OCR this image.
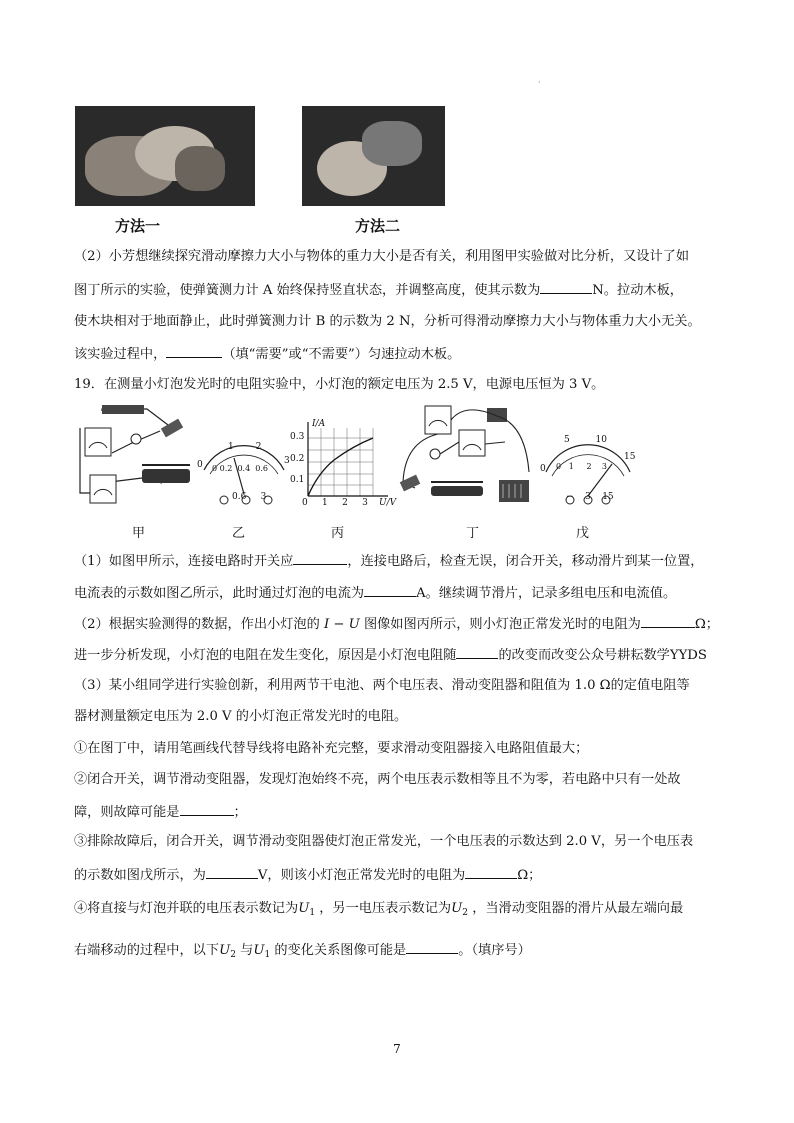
·
方法一	方法二
（2）小芳想继续探究滑动摩擦力大小与物体的重力大小是否有关，利用图甲实验做对比分析，又设计了如
图丁所示的实验，使弹簧测力计 A 始终保持竖直状态，并调整高度，使其示数为	N。拉动木板，
使木块相对于地面静止，此时弹簧测力计 B 的示数为 2 N，分析可得滑动摩擦力大小与物体重力大小无关。
该实验过程中，	（填“需要”或“不需要”）匀速拉动木板。
19．在测量小灯泡发光时的电阻实验中，小灯泡的额定电压为 2.5 V，电源电压恒为 3 V。
甲
1 2
0	3
0 0.2 0.4 0.6
0.6 3
乙
I/A
0.3
0.2
0.1
0 1 2 3 U/V
丙	丁
5	10
0
15
0 1 2 3
− 3 15
戊
（1）如图甲所示，连接电路时开关应	，连接电路后，检查无误，闭合开关，移动滑片到某一位置，
电流表的示数如图乙所示，此时通过灯泡的电流为	A。继续调节滑片，记录多组电压和电流值。
（2）根据实验测得的数据，作出小灯泡的 I − U 图像如图丙所示，则小灯泡正常发光时的电阻为	Ω；
进一步分析发现，小灯泡的电阻在发生变化，原因是小灯泡电阻随	的改变而改变公众号耕耘数学YYDS
（3）某小组同学进行实验创新，利用两节干电池、两个电压表、滑动变阻器和阻值为 1.0 Ω的定值电阻等
器材测量额定电压为 2.0 V 的小灯泡正常发光时的电阻。
①在图丁中，请用笔画线代替导线将电路补充完整，要求滑动变阻器接入电路阻值最大；
②闭合开关，调节滑动变阻器，发现灯泡始终不亮，两个电压表示数相等且不为零，若电路中只有一处故
障，则故障可能是	；
③排除故障后，闭合开关，调节滑动变阻器使灯泡正常发光，一个电压表的示数达到 2.0 V，另一个电压表
的示数如图戊所示，为	V，则该小灯泡正常发光时的电阻为	Ω；
④将直接与灯泡并联的电压表示数记为$U_1$ ，另一电压表示数记为$U_2$ ，当滑动变阻器的滑片从最左端向最
右端移动的过程中，以下$U_2$ 与$U_1$ 的变化关系图像可能是	。（填序号）
7
